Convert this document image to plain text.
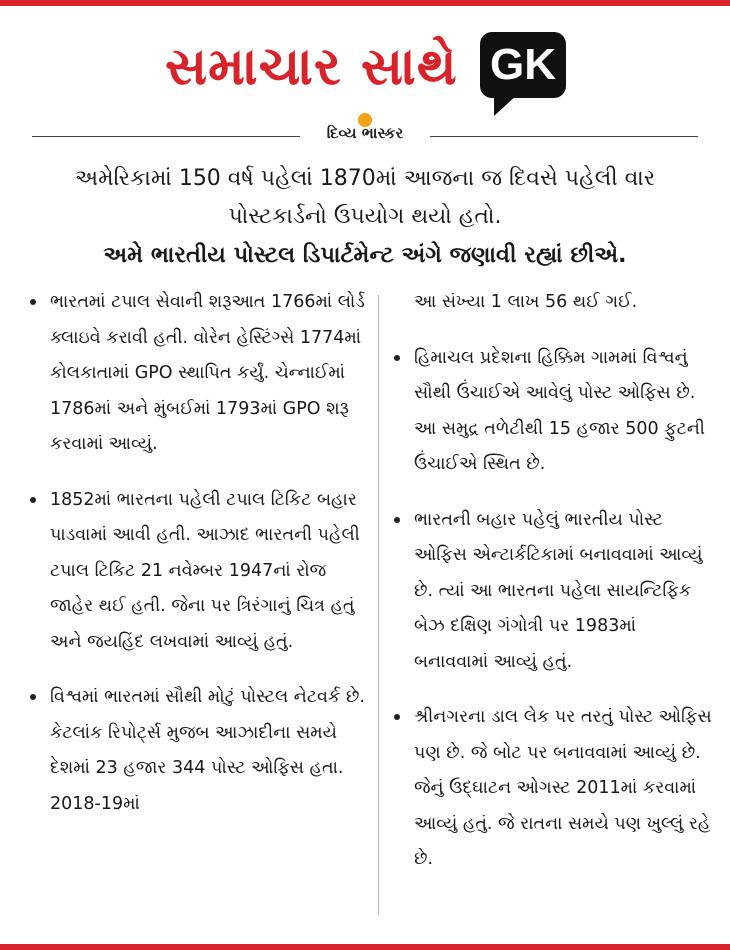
સમાચાર સાથે GK
દિવ્ય ભાસ્કર

અમેરિકામાં 150 વર્ષ પહેલાં 1870માં આજના જ દિવસે પહેલી વાર

પોસ્ટકાર્ડનો ઉપયોગ થયો હતો.

અમે ભારતીય પોસ્ટલ ડિપાર્ટમેન્ટ અંગે જણાવી રહ્યાં છીએ.

ભારતમાં ટપાલ સેવાની શરૂઆત 1766માં લોર્ડ ક્લાઇવે કરાવી હતી. વોરેન હેસ્ટિંગ્સે 1774માં કોલકાતામાં GPO સ્થાપિત કર્યું. ચેન્નાઈમાં 1786માં અને મુંબઈમાં 1793માં GPO શરૂ કરવામાં આવ્યું.
1852માં ભારતના પહેલી ટપાલ ટિકિટ બહાર પાડવામાં આવી હતી. આઝાદ ભારતની પહેલી ટપાલ ટિકિટ 21 નવેમ્બર 1947નાં રોજ જાહેર થઈ હતી. જેના પર ત્રિરંગાનું ચિત્ર હતું અને જયહિંદ લખવામાં આવ્યું હતું.
વિશ્વમાં ભારતમાં સૌથી મોટું પોસ્ટલ નેટવર્ક છે. કેટલાંક રિપોર્ટ્સ મુજબ આઝાદીના સમયે દેશમાં 23 હજાર 344 પોસ્ટ ઓફિસ હતા. 2018-19માં
આ સંખ્યા 1 લાખ 56 થઈ ગઈ.
હિમાચલ પ્રદેશના હિક્કિમ ગામમાં વિશ્વનું સૌથી ઉંચાઈએ આવેલું પોસ્ટ ઓફિસ છે. આ સમુદ્ર તળેટીથી 15 હજાર 500 ફુટની ઉંચાઈએ સ્થિત છે.
ભારતની બહાર પહેલું ભારતીય પોસ્ટ ઓફિસ એન્ટાર્કટિકામાં બનાવવામાં આવ્યું છે. ત્યાં આ ભારતના પહેલા સાયન્ટિફિક બેઝ દક્ષિણ ગંગોત્રી પર 1983માં બનાવવામાં આવ્યું હતું.
શ્રીનગરના ડાલ લેક પર તરતું પોસ્ટ ઓફિસ પણ છે. જે બોટ પર બનાવવામાં આવ્યું છે. જેનું ઉદ્ઘાટન ઓગસ્ટ 2011માં કરવામાં આવ્યું હતું. જે રાતના સમયે પણ ખુલ્લું રહે છે.
